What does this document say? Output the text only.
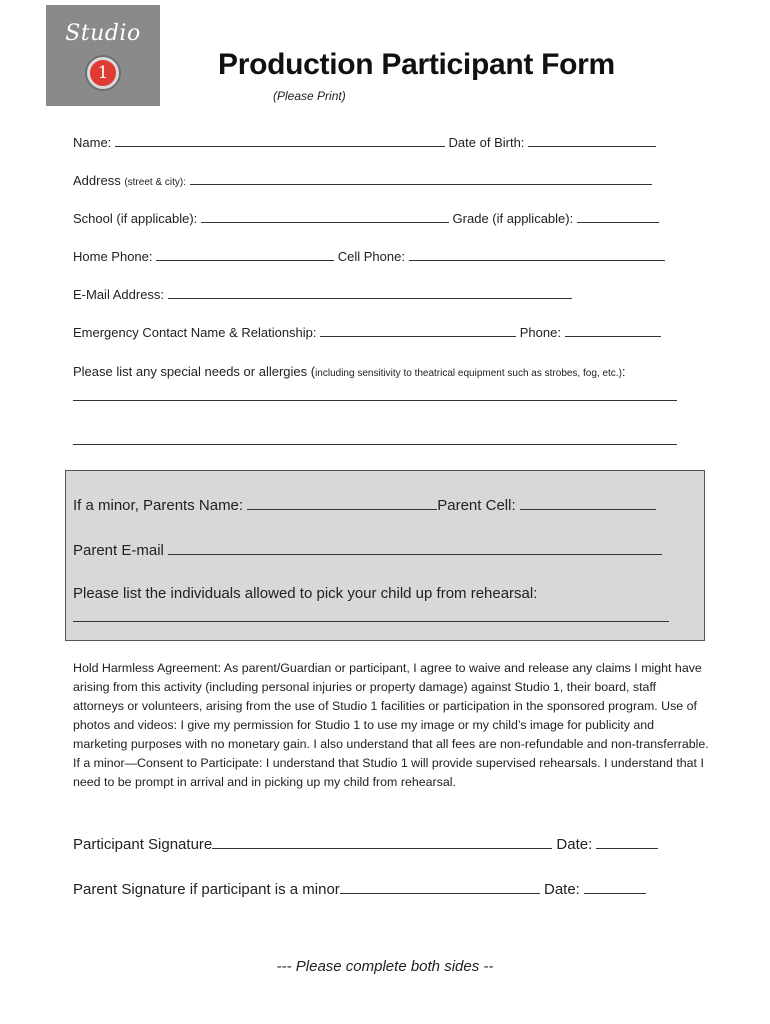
Studio
1	Production Participant Form
(Please Print)
Name:	Date of Birth:
Address (street & city):
School (if applicable):	Grade (if applicable):
Home Phone:	Cell Phone:
E-Mail Address:
Emergency Contact Name & Relationship:	Phone:
Please list any special needs or allergies (including sensitivity to theatrical equipment such as strobes, fog, etc.):
If a minor, Parents Name:	Parent Cell:
Parent E-mail
Please list the individuals allowed to pick your child up from rehearsal:
Hold Harmless Agreement: As parent/Guardian or participant, I agree to waive and release any claims I might have arising from this activity (including personal injuries or property damage) against Studio 1, their board, staff attorneys or volunteers, arising from the use of Studio 1 facilities or participation in the sponsored program. Use of photos and videos: I give my permission for Studio 1 to use my image or my child’s image for publicity and marketing purposes with no monetary gain. I also understand that all fees are non-refundable and non-transferrable. If a minor—Consent to Participate: I understand that Studio 1 will provide supervised rehearsals. I understand that I need to be prompt in arrival and in picking up my child from rehearsal.
Participant Signature	Date:
Parent Signature if participant is a minor	Date:
--- Please complete both sides --
